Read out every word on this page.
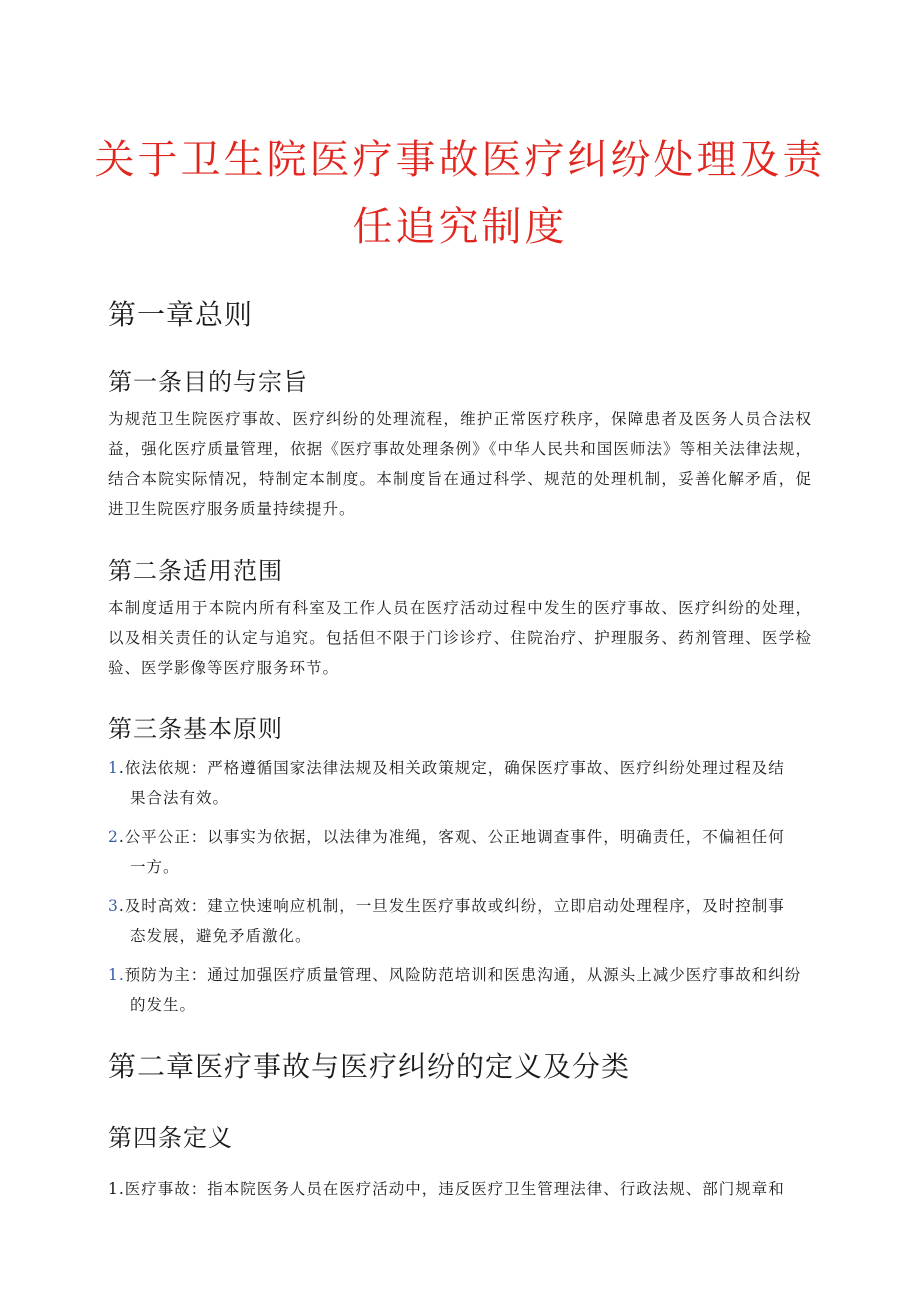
关于卫生院医疗事故医疗纠纷处理及责
任追究制度
第一章总则
第一条目的与宗旨

为规范卫生院医疗事故、医疗纠纷的处理流程，维护正常医疗秩序，保障患者及医务人员合法权益，强化医疗质量管理，依据《医疗事故处理条例》《中华人民共和国医师法》等相关法律法规，结合本院实际情况，特制定本制度。本制度旨在通过科学、规范的处理机制，妥善化解矛盾，促进卫生院医疗服务质量持续提升。

第二条适用范围

本制度适用于本院内所有科室及工作人员在医疗活动过程中发生的医疗事故、医疗纠纷的处理，以及相关责任的认定与追究。包括但不限于门诊诊疗、住院治疗、护理服务、药剂管理、医学检验、医学影像等医疗服务环节。

第三条基本原则
1.依法依规：严格遵循国家法律法规及相关政策规定，确保医疗事故、医疗纠纷处理过程及结
果合法有效。
2.公平公正：以事实为依据，以法律为准绳，客观、公正地调查事件，明确责任，不偏袒任何
一方。
3.及时高效：建立快速响应机制，一旦发生医疗事故或纠纷，立即启动处理程序，及时控制事
态发展，避免矛盾激化。
1.预防为主：通过加强医疗质量管理、风险防范培训和医患沟通，从源头上减少医疗事故和纠纷
的发生。
第二章医疗事故与医疗纠纷的定义及分类
第四条定义
1.医疗事故：指本院医务人员在医疗活动中，违反医疗卫生管理法律、行政法规、部门规章和
